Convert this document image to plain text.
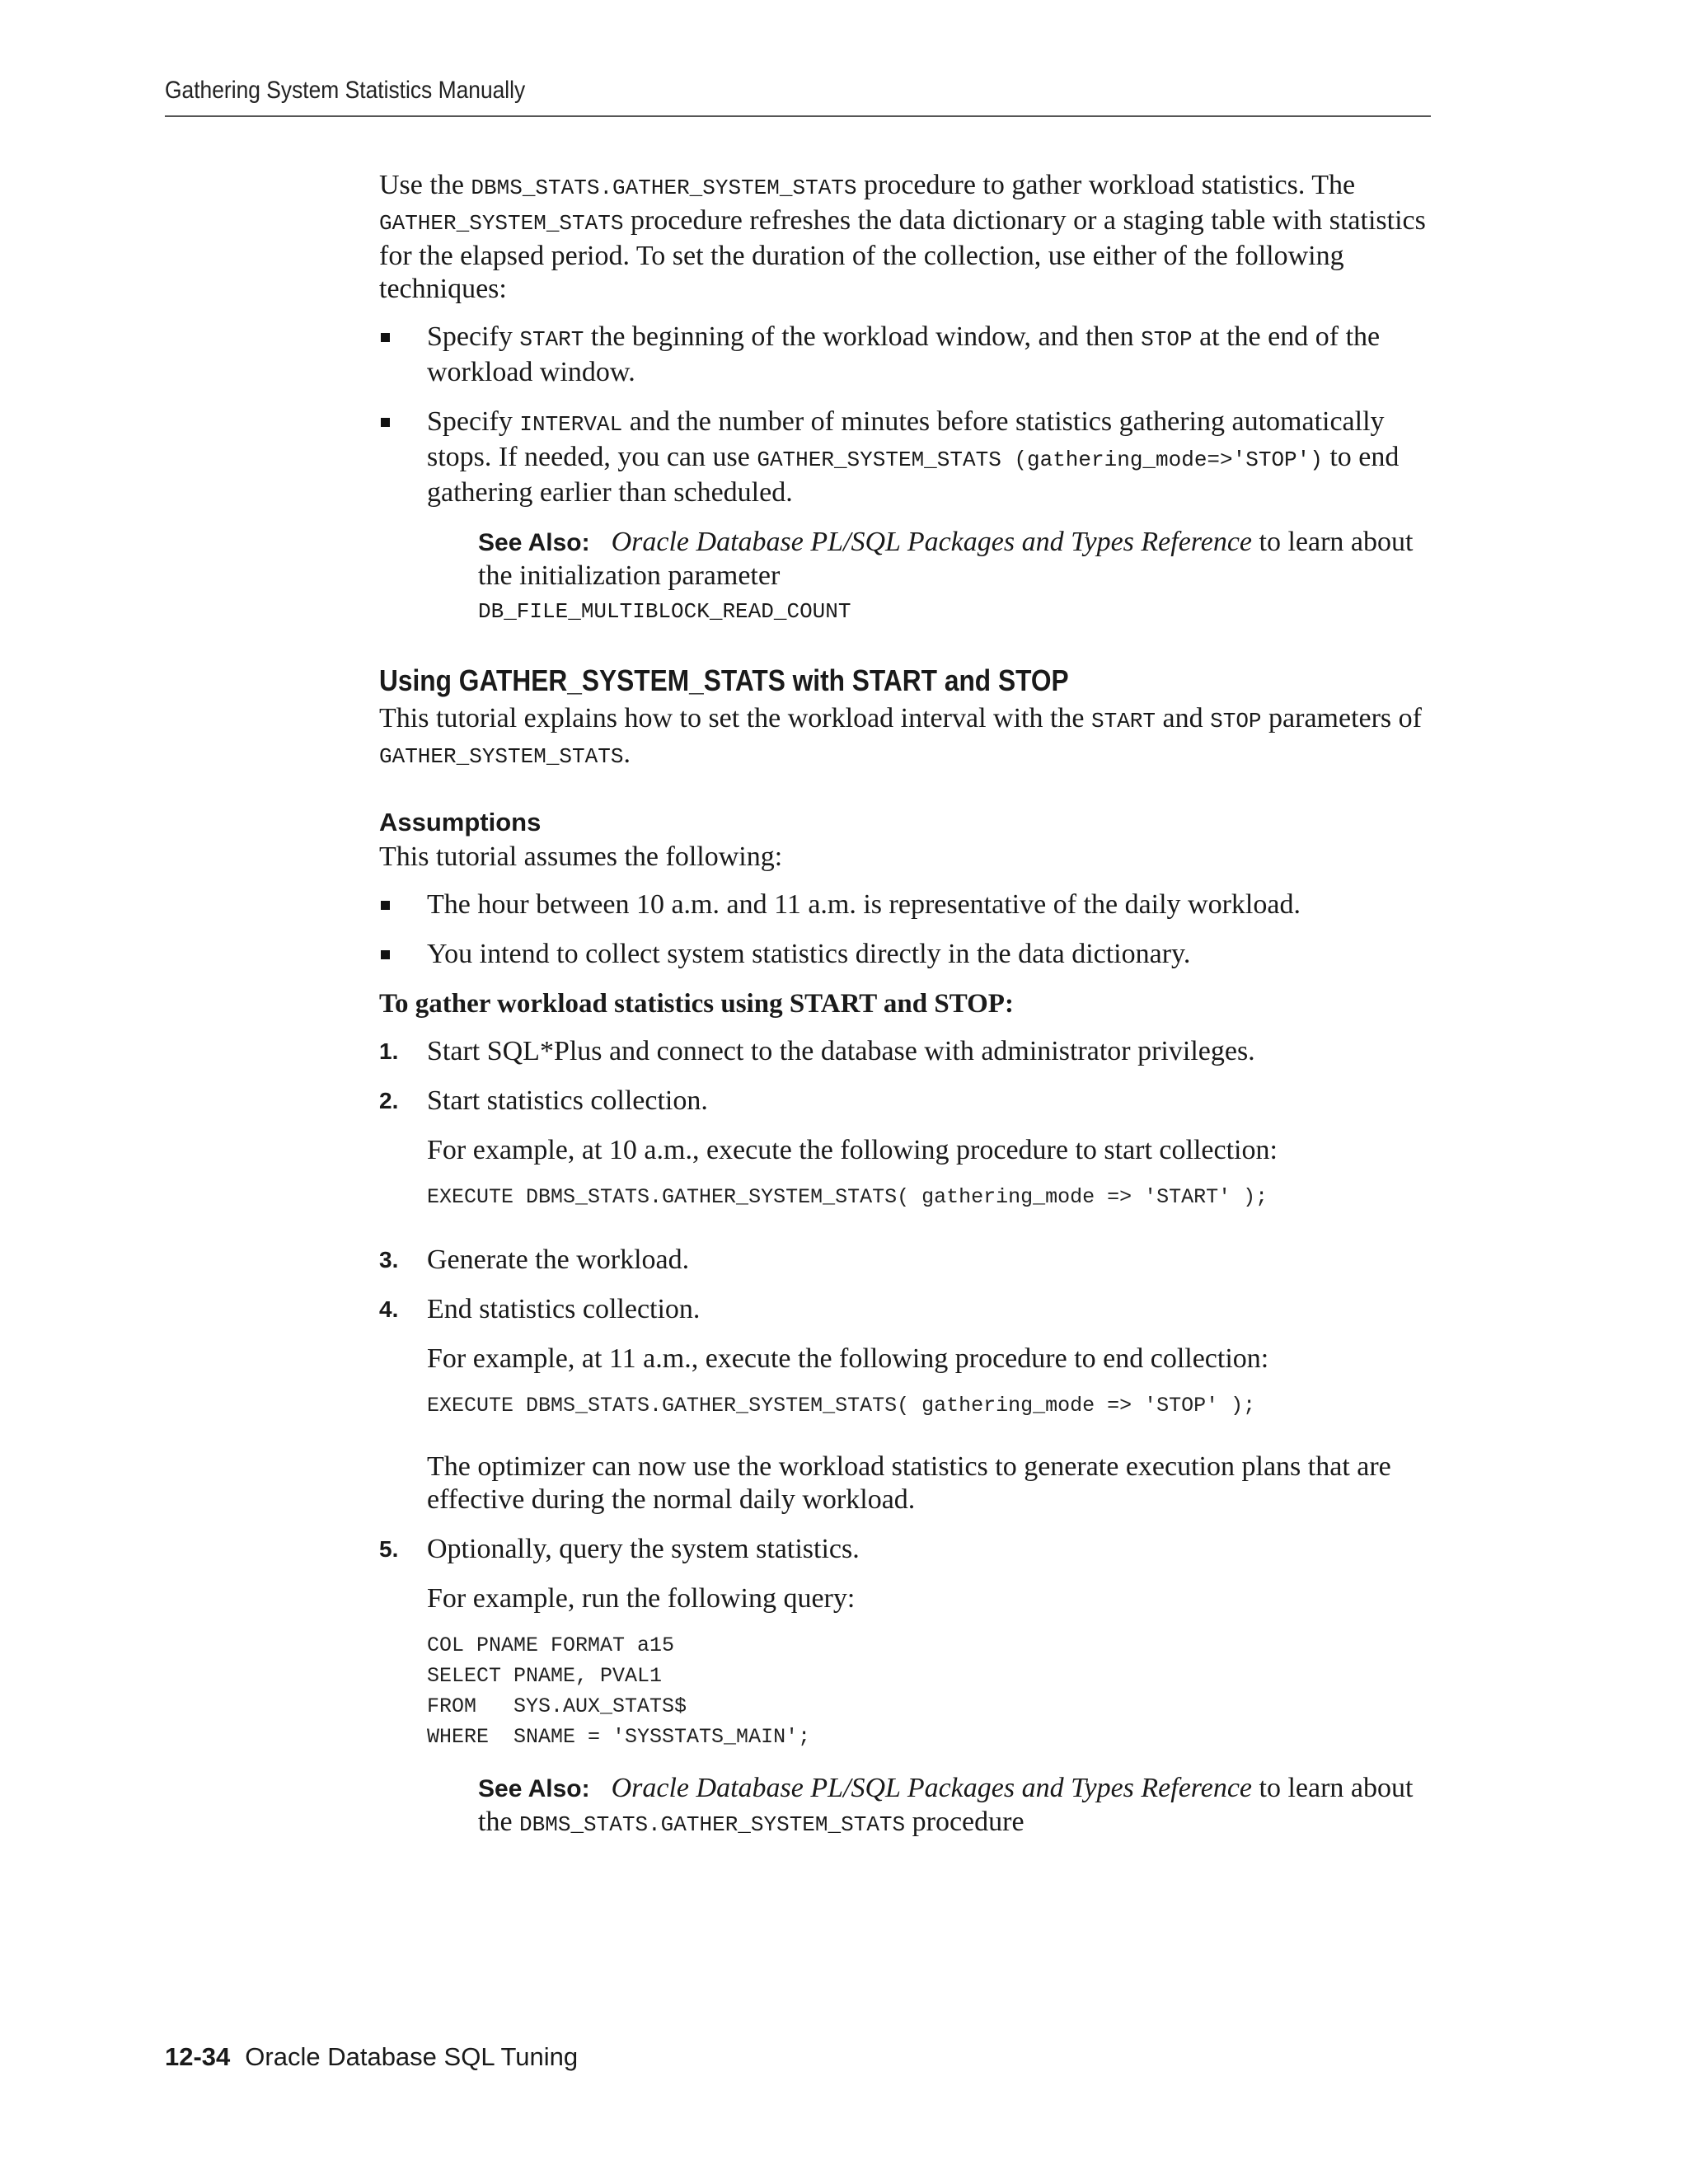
Gathering System Statistics Manually

Use the DBMS_STATS.GATHER_SYSTEM_STATS procedure to gather workload statistics. The GATHER_SYSTEM_STATS procedure refreshes the data dictionary or a staging table with statistics for the elapsed period. To set the duration of the collection, use either of the following techniques:

Specify START the beginning of the workload window, and then STOP at the end of the workload window.
Specify INTERVAL and the number of minutes before statistics gathering automatically stops. If needed, you can use GATHER_SYSTEM_STATS (gathering_mode=>'STOP') to end gathering earlier than scheduled.
See Also: Oracle Database PL/SQL Packages and Types Reference to learn about the initialization parameter
DB_FILE_MULTIBLOCK_READ_COUNT
Using GATHER_SYSTEM_STATS with START and STOP

This tutorial explains how to set the workload interval with the START and STOP parameters of GATHER_SYSTEM_STATS.

Assumptions

This tutorial assumes the following:

The hour between 10 a.m. and 11 a.m. is representative of the daily workload.
You intend to collect system statistics directly in the data dictionary.
To gather workload statistics using START and STOP:
1. Start SQL*Plus and connect to the database with administrator privileges.
2. Start statistics collection.
For example, at 10 a.m., execute the following procedure to start collection:
EXECUTE DBMS_STATS.GATHER_SYSTEM_STATS( gathering_mode => 'START' );
3. Generate the workload.
4. End statistics collection.
For example, at 11 a.m., execute the following procedure to end collection:
EXECUTE DBMS_STATS.GATHER_SYSTEM_STATS( gathering_mode => 'STOP' );
The optimizer can now use the workload statistics to generate execution plans that are effective during the normal daily workload.
5. Optionally, query the system statistics.
For example, run the following query:
COL PNAME FORMAT a15
SELECT PNAME, PVAL1
FROM   SYS.AUX_STATS$
WHERE  SNAME = 'SYSSTATS_MAIN';
See Also: Oracle Database PL/SQL Packages and Types Reference to learn about the DBMS_STATS.GATHER_SYSTEM_STATS procedure
12-34 Oracle Database SQL Tuning
